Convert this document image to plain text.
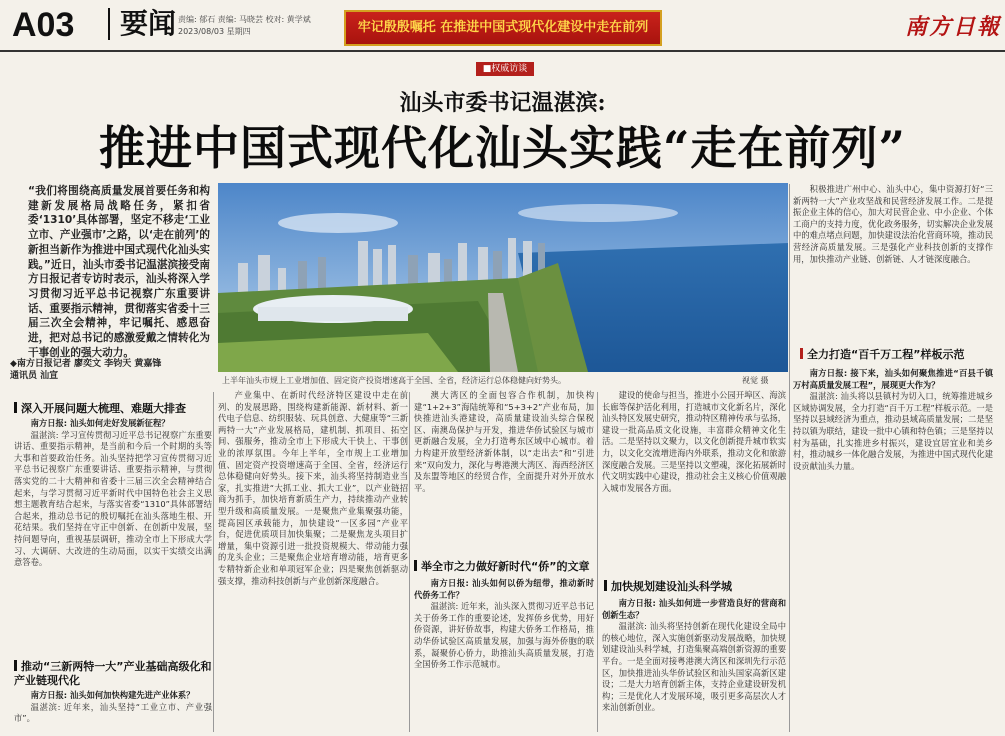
A03	要闻 责编: 郁石 责编: 马晓芸 校对: 黄学斌
2023/08/03 星期四	牢记殷殷嘱托 在推进中国式现代化建设中走在前列	南方日報
■权威访谈
汕头市委书记温湛滨:
推进中国式现代化汕头实践“走在前列”
“我们将围绕高质量发展首要任务和构建新发展格局战略任务，紧扣省委‘1310’具体部署，坚定不移走‘工业立市、产业强市’之路，以‘走在前列’的新担当新作为推进中国式现代化汕头实践。”近日，汕头市委书记温湛滨接受南方日报记者专访时表示，汕头将深入学习贯彻习近平总书记视察广东重要讲话、重要指示精神，贯彻落实省委十三届三次全会精神，牢记嘱托、感恩奋进，把对总书记的感激爱戴之情转化为干事创业的强大动力。
◆南方日报记者 廖奕文 李钧天 黄嘉锋
通讯员 汕宣	上半年汕头市规上工业增加值、固定资产投资增速高于全国、全省，经济运行总体稳健向好势头。	视觉 摄

积极推进广州中心、汕头中心，集中资源打好“三新两特一大”产业攻坚战和民营经济发展工作。二是提振企业主体的信心，加大对民营企业、中小企业、个体工商户的支持力度，优化政务服务，切实解决企业发展中的难点堵点问题，加快建设法治化营商环境，推动民营经济高质量发展。三是强化产业科技创新的支撑作用，加快推动产业链、创新链、人才链深度融合。

全力打造“百千万工程”样板示范

南方日报: 接下来，汕头如何聚焦推进“百县千镇万村高质量发展工程”，展现更大作为？

温湛滨: 汕头将以县镇村为切入口，统筹推进城乡区域协调发展，全力打造“百千万工程”样板示范。一是坚持以县域经济为重点，推动县域高质量发展；二是坚持以镇为联结，建设一批中心镇和特色镇；三是坚持以村为基础，扎实推进乡村振兴，建设宜居宜业和美乡村，推动城乡一体化融合发展，为推进中国式现代化建设贡献汕头力量。

深入开展问题大梳理、难题大排查

南方日报: 汕头如何走好发展新征程？

温湛滨: 学习宣传贯彻习近平总书记视察广东重要讲话、重要指示精神，是当前和今后一个时期的头等大事和首要政治任务。汕头坚持把学习宣传贯彻习近平总书记视察广东重要讲话、重要指示精神，与贯彻落实党的二十大精神和省委十三届三次全会精神结合起来，与学习贯彻习近平新时代中国特色社会主义思想主题教育结合起来，与落实省委“1310”具体部署结合起来，推动总书记的殷切嘱托在汕头落地生根、开花结果。我们坚持在守正中创新、在创新中发展，坚持问题导向，重视基层调研，推动全市上下形成大学习、大调研、大改进的生动局面，以实干实绩交出满意答卷。

推动“三新两特一大”产业基础高级化和产业链现代化

南方日报: 汕头如何加快构建先进产业体系？

温湛滨: 近年来，汕头坚持“工业立市、产业强市”。

产业集中、在新时代经济特区建设中走在前列、的发展思路，围绕构建新能源、新材料、新一代电子信息、纺织服装、玩具创意、大健康等“三新两特一大”产业发展格局，建机制、抓项目、拓空间、强服务，推动全市上下形成大干快上、干事创业的浓厚氛围。今年上半年，全市规上工业增加值、固定资产投资增速高于全国、全省，经济运行总体稳健向好势头。接下来，汕头将坚持制造业当家，扎实推进“大抓工业、抓大工业”，以产业链招商为抓手，加快培育新质生产力，持续推动产业转型升级和高质量发展。一是聚焦产业集聚强功能，提高园区承载能力，加快建设“一区多园”产业平台，促进优质项目加快集聚；二是聚焦龙头项目扩增量，集中资源引进一批投资规模大、带动能力强的龙头企业；三是聚焦企业培育增动能，培育更多专精特新企业和单项冠军企业；四是聚焦创新驱动强支撑，推动科技创新与产业创新深度融合。

澳大湾区的全面包容合作机制，加快构建“1+2+3”海陆统筹和“5+3+2”产业布局，加快推进汕头港建设，高质量建设汕头综合保税区、南澳岛保护与开发，推进华侨试验区与城市更新融合发展，全力打造粤东区域中心城市。着力构建开放型经济新体制，以“走出去”和“引进来”双向发力，深化与粤港澳大湾区、海西经济区及东盟等地区的经贸合作，全面提升对外开放水平。

举全市之力做好新时代“侨”的文章

南方日报: 汕头如何以侨为纽带，推动新时代侨务工作？

温湛滨: 近年来，汕头深入贯彻习近平总书记关于侨务工作的重要论述，发挥侨乡优势，用好侨资源，讲好侨故事，构建大侨务工作格局，推动华侨试验区高质量发展，加强与海外侨胞的联系，凝聚侨心侨力，助推汕头高质量发展，打造全国侨务工作示范城市。

建设的使命与担当，推进小公园开埠区、海滨长廊等保护活化利用，打造城市文化新名片，深化汕头特区发展史研究，推动特区精神传承与弘扬，建设一批高品质文化设施，丰富群众精神文化生活。二是坚持以文聚力，以文化创新提升城市软实力，以文化交流增进海内外联系，推动文化和旅游深度融合发展。三是坚持以文塑魂，深化拓展新时代文明实践中心建设，推动社会主义核心价值观融入城市发展各方面。

加快规划建设汕头科学城

南方日报: 汕头如何进一步营造良好的营商和创新生态？

温湛滨: 汕头将坚持创新在现代化建设全局中的核心地位，深入实施创新驱动发展战略，加快规划建设汕头科学城，打造集聚高端创新资源的重要平台。一是全面对接粤港澳大湾区和深圳先行示范区，加快推进汕头华侨试验区和汕头国家高新区建设；二是大力培育创新主体，支持企业建设研发机构；三是优化人才发展环境，吸引更多高层次人才来汕创新创业。
